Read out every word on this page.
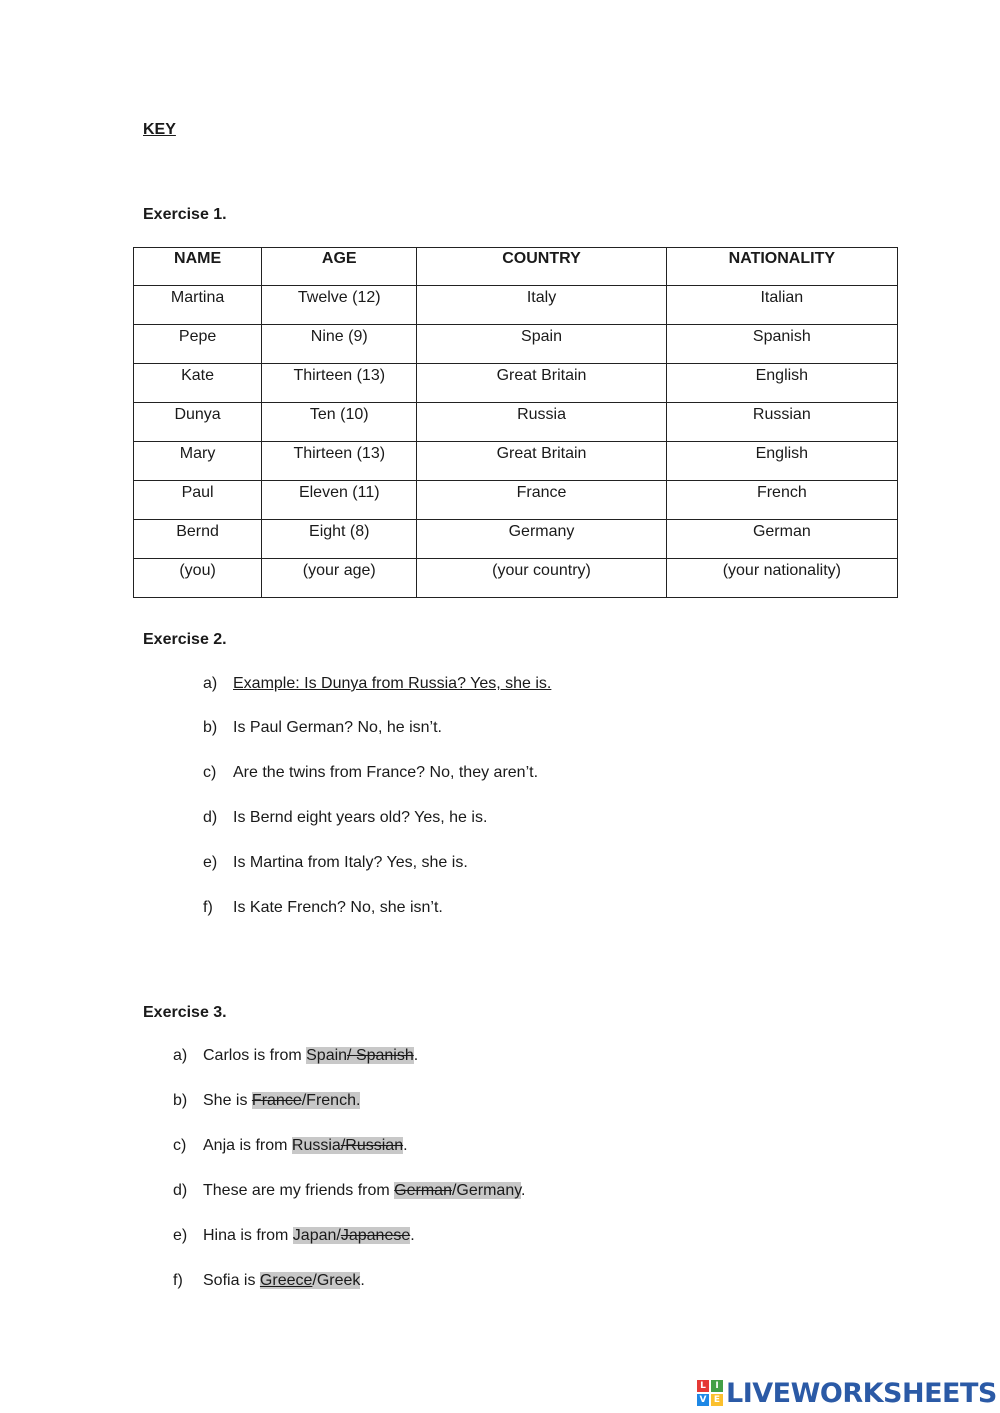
KEY
Exercise 1.
NAME	AGE	COUNTRY	NATIONALITY
Martina	Twelve (12)	Italy	Italian
Pepe	Nine (9)	Spain	Spanish
Kate	Thirteen (13)	Great Britain	English
Dunya	Ten (10)	Russia	Russian
Mary	Thirteen (13)	Great Britain	English
Paul	Eleven (11)	France	French
Bernd	Eight (8)	Germany	German
(you)	(your age)	(your country)	(your nationality)
Exercise 2.
a) Example: Is Dunya from Russia? Yes, she is.
b) Is Paul German? No, he isn’t.
c) Are the twins from France? No, they aren’t.
d) Is Bernd eight years old? Yes, he is.
e) Is Martina from Italy? Yes, she is.
f) Is Kate French? No, she isn’t.
Exercise 3.
a) Carlos is from Spain/ Spanish.
b) She is France/French.
c) Anja is from Russia/Russian.
d) These are my friends from German/Germany.
e) Hina is from Japan/Japanese.
f) Sofia is Greece/Greek.
L	I
V E LIVEWORKSHEETS
